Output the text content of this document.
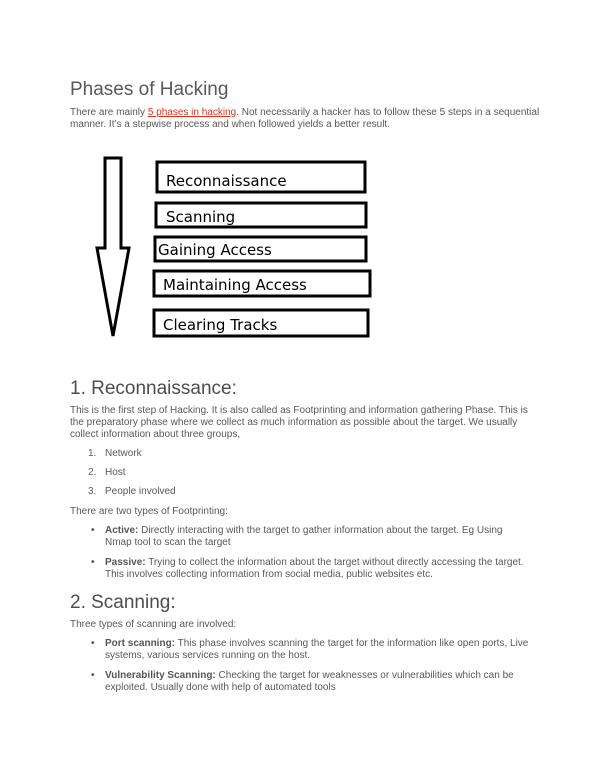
Phases of Hacking

There are mainly 5 phases in hacking. Not necessarily a hacker has to follow these 5 steps in a sequential manner. It’s a stepwise process and when followed yields a better result.

Reconnaissance
Scanning
Gaining Access
Maintaining Access
Clearing Tracks
1. Reconnaissance:

This is the first step of Hacking. It is also called as Footprinting and information gathering Phase. This is the preparatory phase where we collect as much information as possible about the target. We usually collect information about three groups,

1. Network
2. Host
3. People involved

There are two types of Footprinting:

• Active: Directly interacting with the target to gather information about the target. Eg Using Nmap tool to scan the target
• Passive: Trying to collect the information about the target without directly accessing the target. This involves collecting information from social media, public websites etc.
2. Scanning:

Three types of scanning are involved:

• Port scanning: This phase involves scanning the target for the information like open ports, Live systems, various services running on the host.
• Vulnerability Scanning: Checking the target for weaknesses or vulnerabilities which can be exploited. Usually done with help of automated tools
